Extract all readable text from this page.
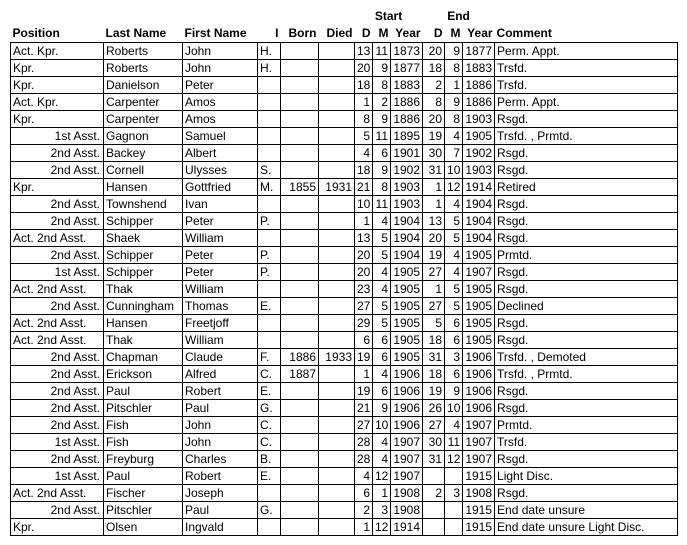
						Start			End			
Position	Last Name	First Name	I	Born	Died	D	M	Year	D	M	Year	Comment
Act. Kpr.	Roberts	John	H.			13	11	1873	20	9	1877	Perm. Appt.
Kpr.	Roberts	John	H.			20	9	1877	18	8	1883	Trsfd.
Kpr.	Danielson	Peter				18	8	1883	2	1	1886	Trsfd.
Act. Kpr.	Carpenter	Amos				1	2	1886	8	9	1886	Perm. Appt.
Kpr.	Carpenter	Amos				8	9	1886	20	8	1903	Rsgd.
1st Asst.	Gagnon	Samuel				5	11	1895	19	4	1905	Trsfd. , Prmtd.
2nd Asst.	Backey	Albert				4	6	1901	30	7	1902	Rsgd.
2nd Asst.	Cornell	Ulysses	S.			18	9	1902	31	10	1903	Rsgd.
Kpr.	Hansen	Gottfried	M.	1855	1931	21	8	1903	1	12	1914	Retired
2nd Asst.	Townshend	Ivan				10	11	1903	1	4	1904	Rsgd.
2nd Asst.	Schipper	Peter	P.			1	4	1904	13	5	1904	Rsgd.
Act. 2nd Asst.	Shaek	William				13	5	1904	20	5	1904	Rsgd.
2nd Asst.	Schipper	Peter	P.			20	5	1904	19	4	1905	Prmtd.
1st Asst.	Schipper	Peter	P.			20	4	1905	27	4	1907	Rsgd.
Act. 2nd Asst.	Thak	William				23	4	1905	1	5	1905	Rsgd.
2nd Asst.	Cunningham	Thomas	E.			27	5	1905	27	5	1905	Declined
Act. 2nd Asst.	Hansen	Freetjoff				29	5	1905	5	6	1905	Rsgd.
Act. 2nd Asst.	Thak	William				6	6	1905	18	6	1905	Rsgd.
2nd Asst.	Chapman	Claude	F.	1886	1933	19	6	1905	31	3	1906	Trsfd. , Demoted
2nd Asst.	Erickson	Alfred	C.	1887		1	4	1906	18	6	1906	Trsfd. , Prmtd.
2nd Asst.	Paul	Robert	E.			19	6	1906	19	9	1906	Rsgd.
2nd Asst.	Pitschler	Paul	G.			21	9	1906	26	10	1906	Rsgd.
2nd Asst.	Fish	John	C.			27	10	1906	27	4	1907	Prmtd.
1st Asst.	Fish	John	C.			28	4	1907	30	11	1907	Trsfd.
2nd Asst.	Freyburg	Charles	B.			28	4	1907	31	12	1907	Rsgd.
1st Asst.	Paul	Robert	E.			4	12	1907			1915	Light Disc.
Act. 2nd Asst.	Fischer	Joseph				6	1	1908	2	3	1908	Rsgd.
2nd Asst.	Pitschler	Paul	G.			2	3	1908			1915	End date unsure
Kpr.	Olsen	Ingvald				1	12	1914			1915	End date unsure Light Disc.
